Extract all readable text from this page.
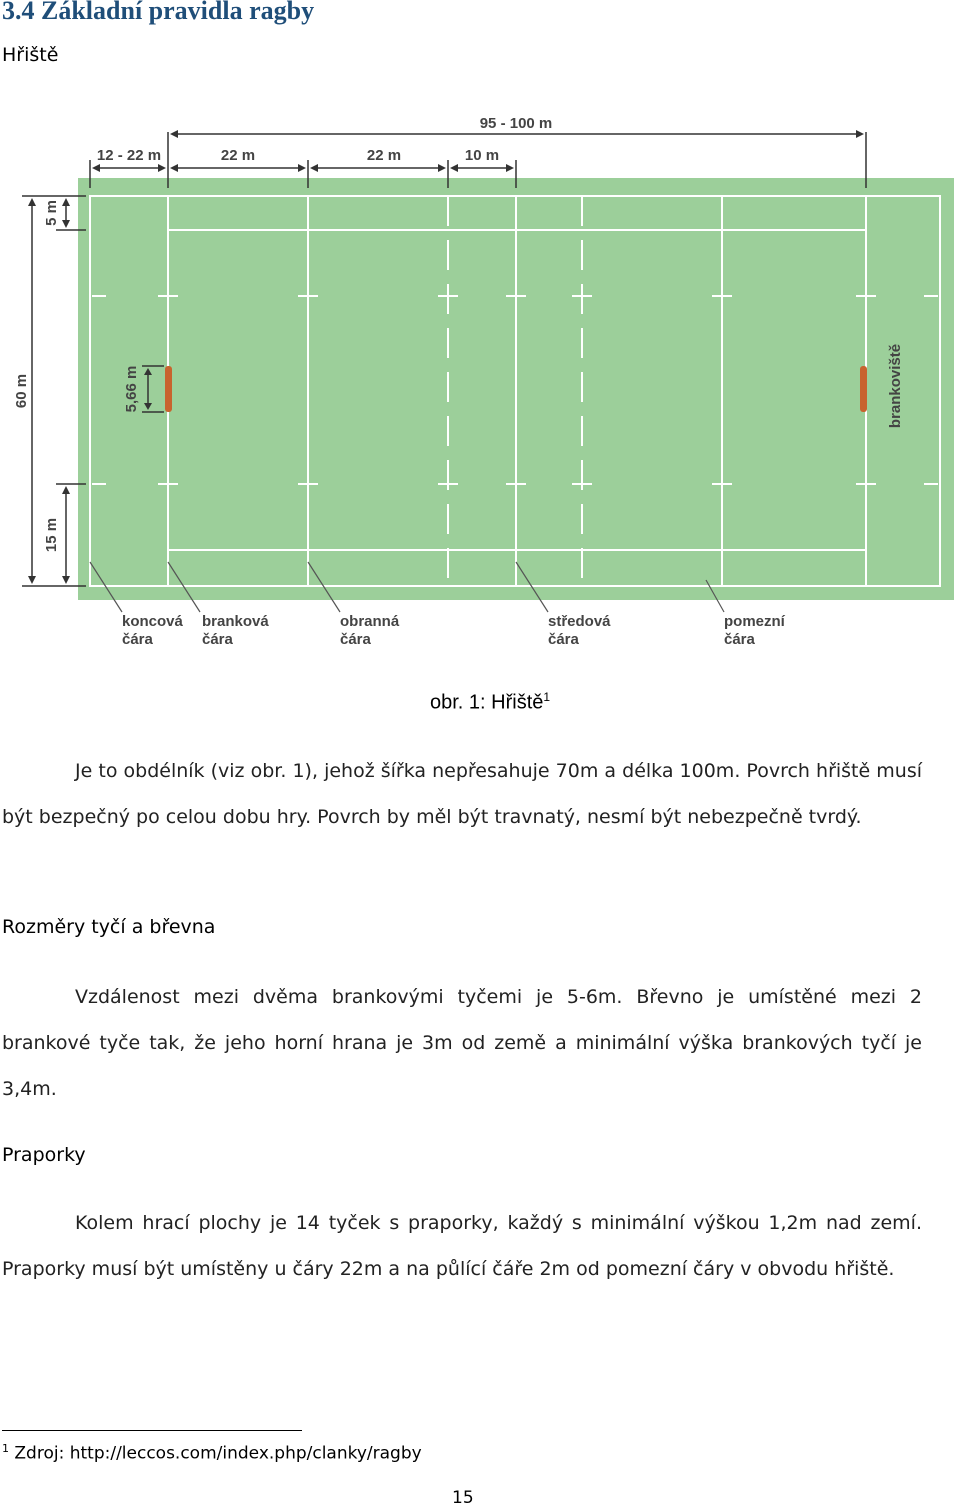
3.4 Základní pravidla ragby

Hřiště

95 - 100 m
12 - 22 m	22 m	22 m	10 m
60 m
5 m
15 m
5,66 m	brankoviště
koncová
čára
branková
čára
obranná
čára
středová
čára
pomezní
čára
obr. 1: Hřiště$^1$

Je to obdélník (viz obr. 1), jehož šířka nepřesahuje 70m a délka 100m. Povrch hřiště musí být bezpečný po celou dobu hry. Povrch by měl být travnatý, nesmí být nebezpečně tvrdý.

Rozměry tyčí a břevna

Vzdálenost mezi dvěma brankovými tyčemi je 5-6m. Břevno je umístěné mezi 2 brankové tyče tak, že jeho horní hrana je 3m od země a minimální výška brankových tyčí je 3,4m.

Praporky

Kolem hrací plochy je 14 tyček s praporky, každý s minimální výškou 1,2m nad zemí. Praporky musí být umístěny u čáry 22m a na půlící čáře 2m od pomezní čáry v obvodu hřiště.

$^1$ Zdroj: http://leccos.com/index.php/clanky/ragby
15
